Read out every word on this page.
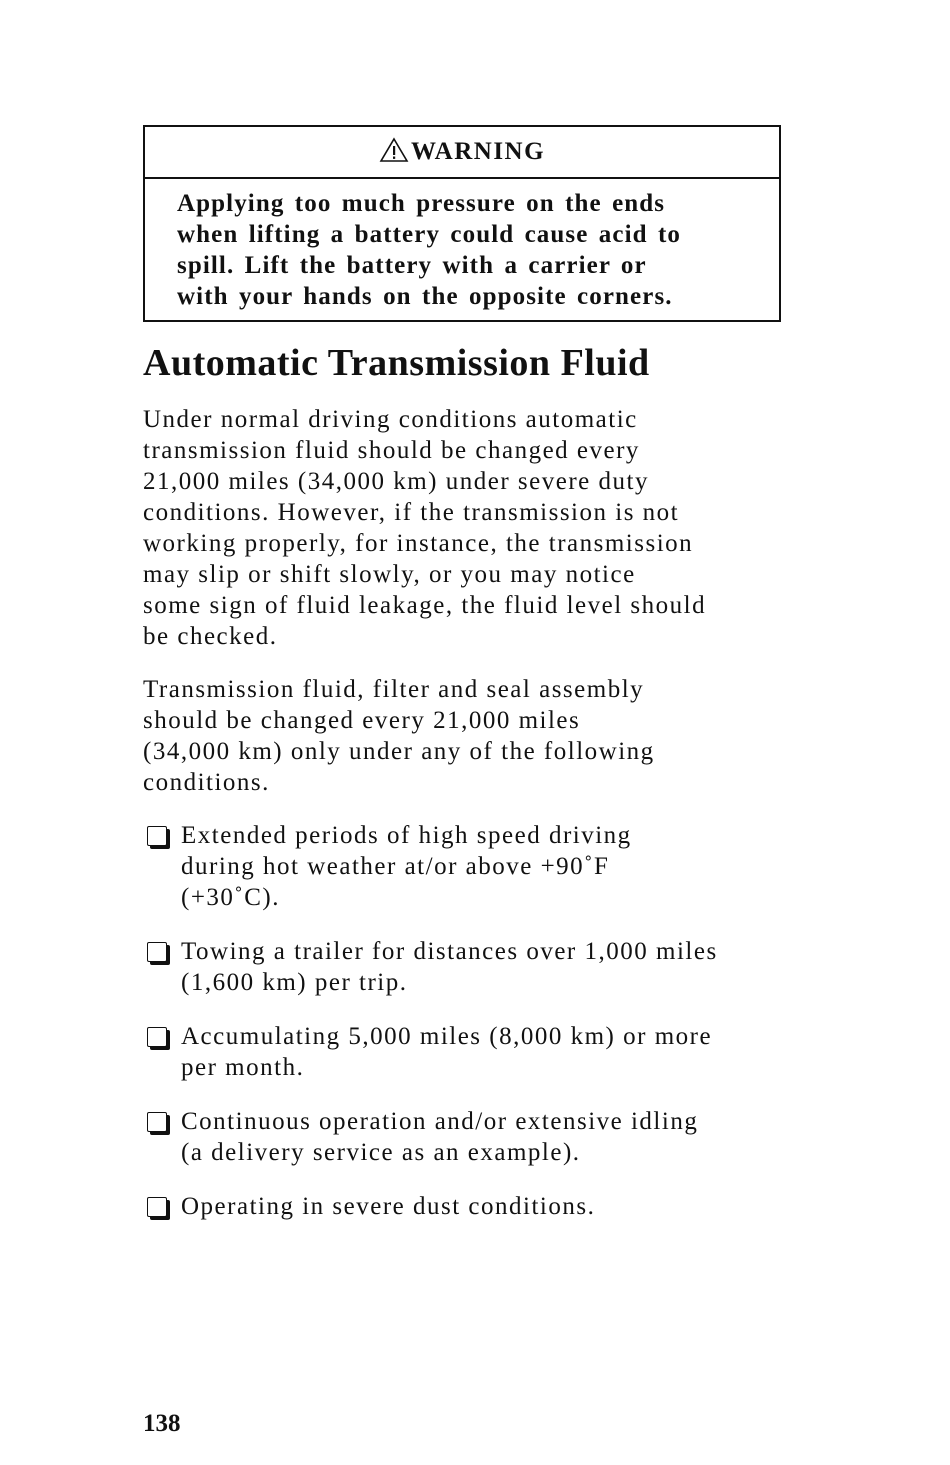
WARNING
Applying too much pressure on the ends
when lifting a battery could cause acid to
spill. Lift the battery with a carrier or
with your hands on the opposite corners.
Automatic Transmission Fluid

Under normal driving conditions automatic
transmission fluid should be changed every
21,000 miles (34,000 km) under severe duty
conditions. However, if the transmission is not
working properly, for instance, the transmission
may slip or shift slowly, or you may notice
some sign of fluid leakage, the fluid level should
be checked.

Transmission fluid, filter and seal assembly
should be changed every 21,000 miles
(34,000 km) only under any of the following
conditions.

Extended periods of high speed driving
during hot weather at/or above +90˚F
(+30˚C).
Towing a trailer for distances over 1,000 miles
(1,600 km) per trip.
Accumulating 5,000 miles (8,000 km) or more
per month.
Continuous operation and/or extensive idling
(a delivery service as an example).
Operating in severe dust conditions.
138
